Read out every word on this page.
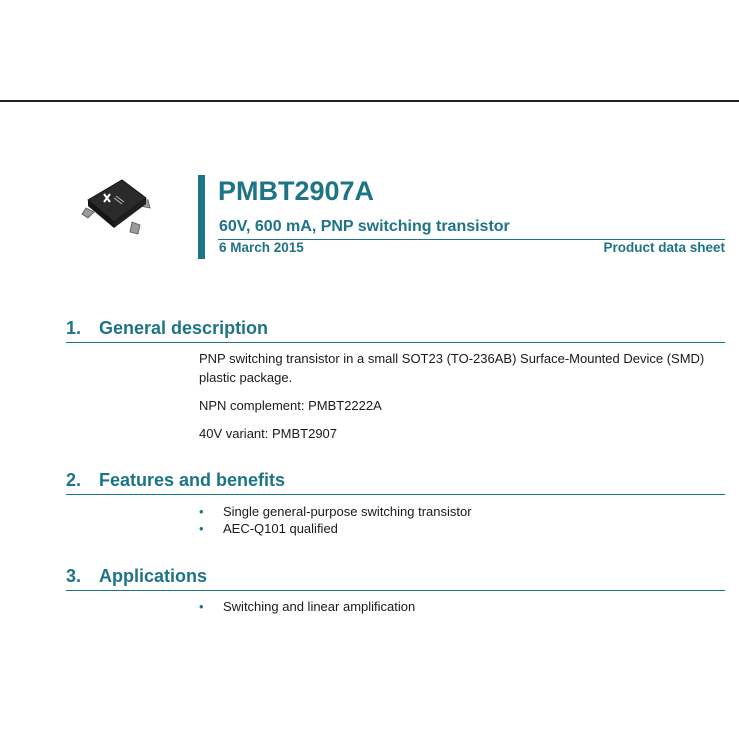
PMBT2907A
60V, 600 mA, PNP switching transistor
6 March 2015	Product data sheet
1. General description
PNP switching transistor in a small SOT23 (TO-236AB) Surface-Mounted Device (SMD) plastic package.
NPN complement: PMBT2222A
40V variant: PMBT2907
2. Features and benefits
• Single general-purpose switching transistor
• AEC-Q101 qualified
3. Applications
• Switching and linear amplification
